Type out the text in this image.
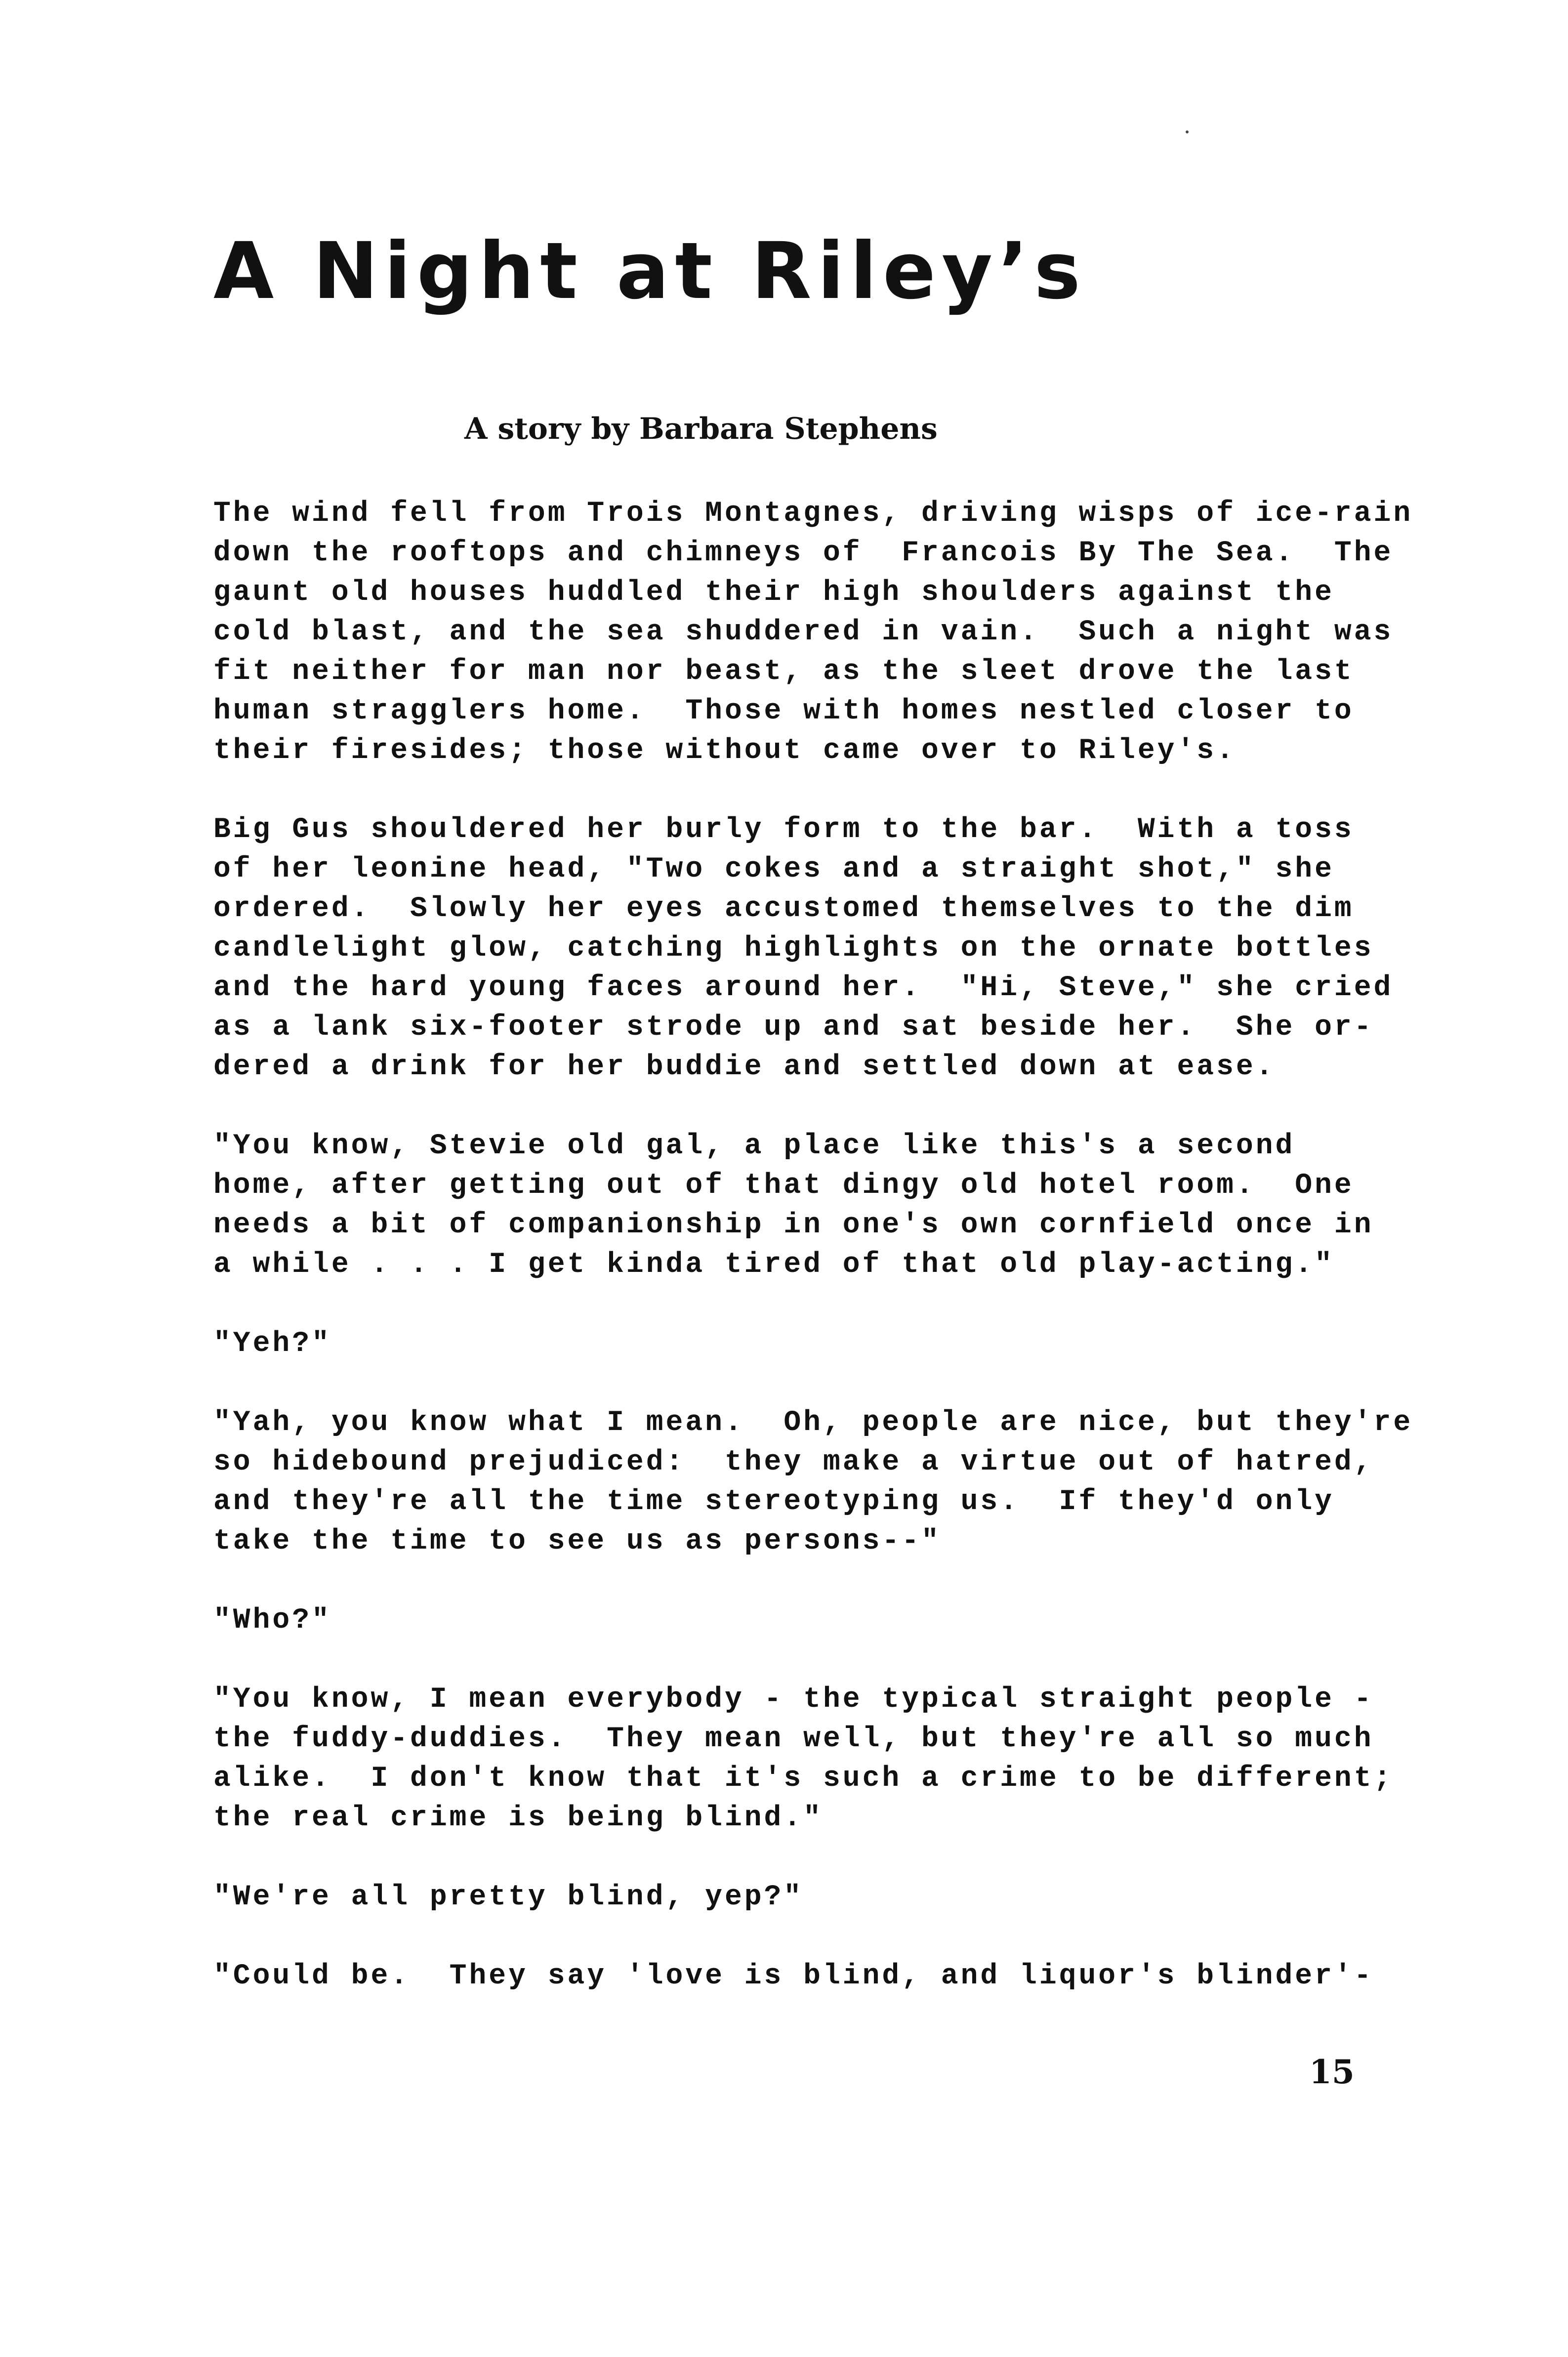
A Night at Riley’s

A story by Barbara Stephens

The wind fell from Trois Montagnes, driving wisps of ice-rain
down the rooftops and chimneys of  Francois By The Sea.  The
gaunt old houses huddled their high shoulders against the
cold blast, and the sea shuddered in vain.  Such a night was
fit neither for man nor beast, as the sleet drove the last
human stragglers home.  Those with homes nestled closer to
their firesides; those without came over to Riley's.

Big Gus shouldered her burly form to the bar.  With a toss
of her leonine head, "Two cokes and a straight shot," she
ordered.  Slowly her eyes accustomed themselves to the dim
candlelight glow, catching highlights on the ornate bottles
and the hard young faces around her.  "Hi, Steve," she cried
as a lank six-footer strode up and sat beside her.  She or-
dered a drink for her buddie and settled down at ease.

"You know, Stevie old gal, a place like this's a second
home, after getting out of that dingy old hotel room.  One
needs a bit of companionship in one's own cornfield once in
a while . . . I get kinda tired of that old play-acting."

"Yeh?"

"Yah, you know what I mean.  Oh, people are nice, but they're
so hidebound prejudiced:  they make a virtue out of hatred,
and they're all the time stereotyping us.  If they'd only
take the time to see us as persons--"

"Who?"

"You know, I mean everybody - the typical straight people -
the fuddy-duddies.  They mean well, but they're all so much
alike.  I don't know that it's such a crime to be different;
the real crime is being blind."

"We're all pretty blind, yep?"

"Could be.  They say 'love is blind, and liquor's blinder'-

15
